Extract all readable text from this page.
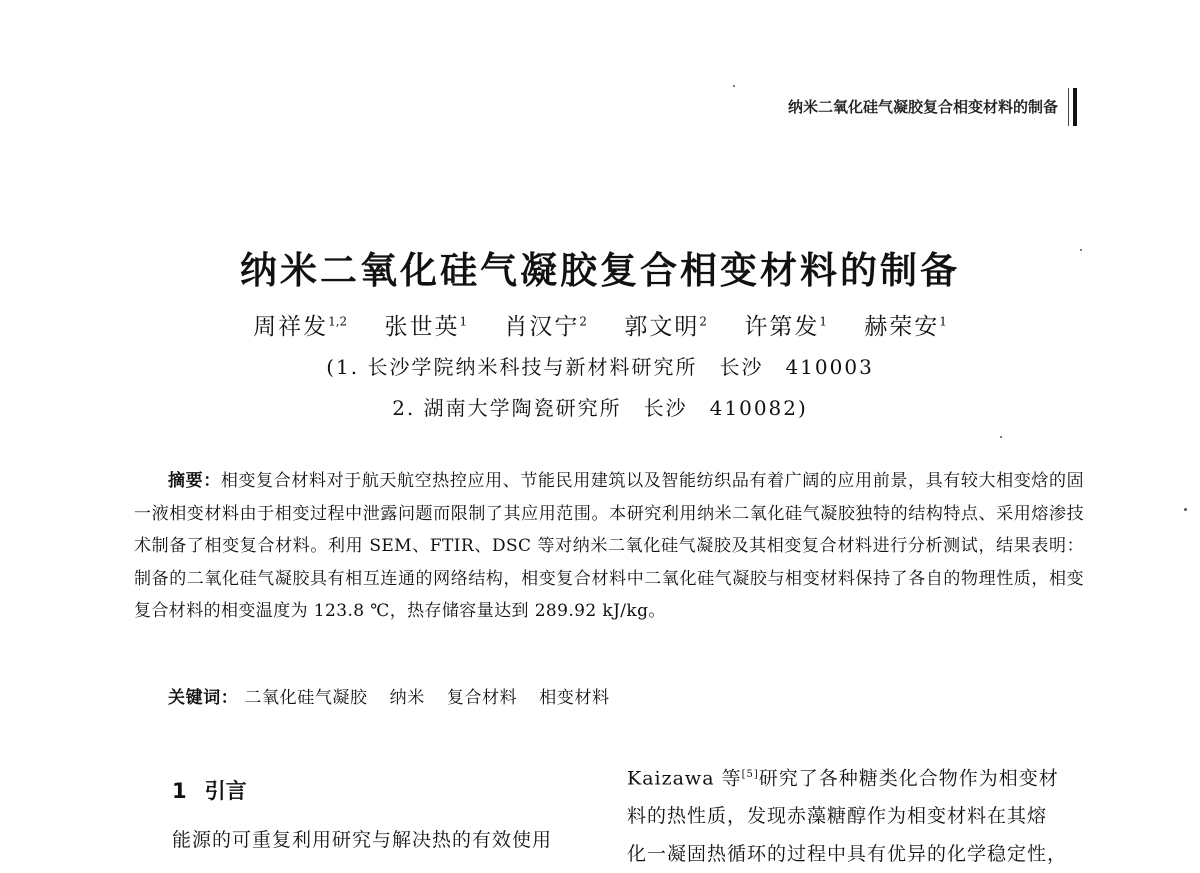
纳米二氧化硅气凝胶复合相变材料的制备
纳米二氧化硅气凝胶复合相变材料的制备
周祥发$^{1,2}$ 张世英$^1$ 肖汉宁$^2$ 郭文明$^2$ 许第发$^1$ 赫荣安$^1$
(1. 长沙学院纳米科技与新材料研究所　长沙　410003
2. 湖南大学陶瓷研究所　长沙　410082)
摘要：相变复合材料对于航天航空热控应用、节能民用建筑以及智能纺织品有着广阔的应用前景，具有较大相变焓的固一液相变材料由于相变过程中泄露问题而限制了其应用范围。本研究利用纳米二氧化硅气凝胶独特的结构特点、采用熔渗技术制备了相变复合材料。利用 SEM、FTIR、DSC 等对纳米二氧化硅气凝胶及其相变复合材料进行分析测试，结果表明：制备的二氧化硅气凝胶具有相互连通的网络结构，相变复合材料中二氧化硅气凝胶与相变材料保持了各自的物理性质，相变复合材料的相变温度为 123.8 ℃，热存储容量达到 289.92 kJ/kg。
关键词： 二氧化硅气凝胶 纳米 复合材料 相变材料
1 引言
能源的可重复利用研究与解决热的有效使用
Kaizawa 等[5]研究了各种糖类化合物作为相变材
料的热性质，发现赤藻糖醇作为相变材料在其熔
化一凝固热循环的过程中具有优异的化学稳定性，
